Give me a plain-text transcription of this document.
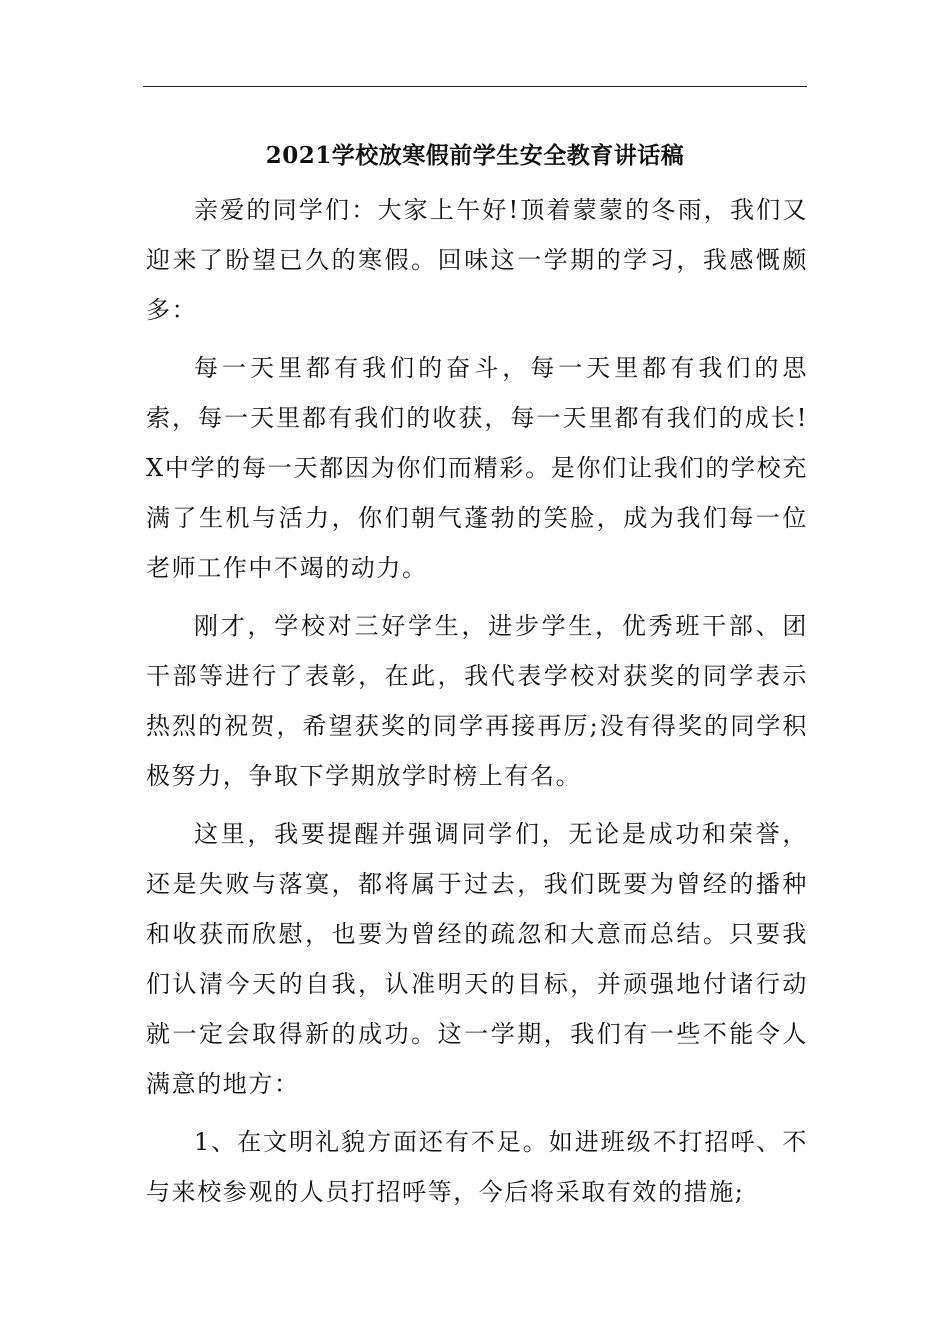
2021学校放寒假前学生安全教育讲话稿

亲爱的同学们：大家上午好!顶着蒙蒙的冬雨，我们又迎来了盼望已久的寒假。回味这一学期的学习，我感慨颇多：

每一天里都有我们的奋斗，每一天里都有我们的思索，每一天里都有我们的收获，每一天里都有我们的成长!X中学的每一天都因为你们而精彩。是你们让我们的学校充满了生机与活力，你们朝气蓬勃的笑脸，成为我们每一位老师工作中不竭的动力。

刚才，学校对三好学生，进步学生，优秀班干部、团干部等进行了表彰，在此，我代表学校对获奖的同学表示热烈的祝贺，希望获奖的同学再接再厉;没有得奖的同学积极努力，争取下学期放学时榜上有名。

这里，我要提醒并强调同学们，无论是成功和荣誉，还是失败与落寞，都将属于过去，我们既要为曾经的播种和收获而欣慰，也要为曾经的疏忽和大意而总结。只要我们认清今天的自我，认准明天的目标，并顽强地付诸行动就一定会取得新的成功。这一学期，我们有一些不能令人满意的地方：

1、在文明礼貌方面还有不足。如进班级不打招呼、不与来校参观的人员打招呼等，今后将采取有效的措施;
